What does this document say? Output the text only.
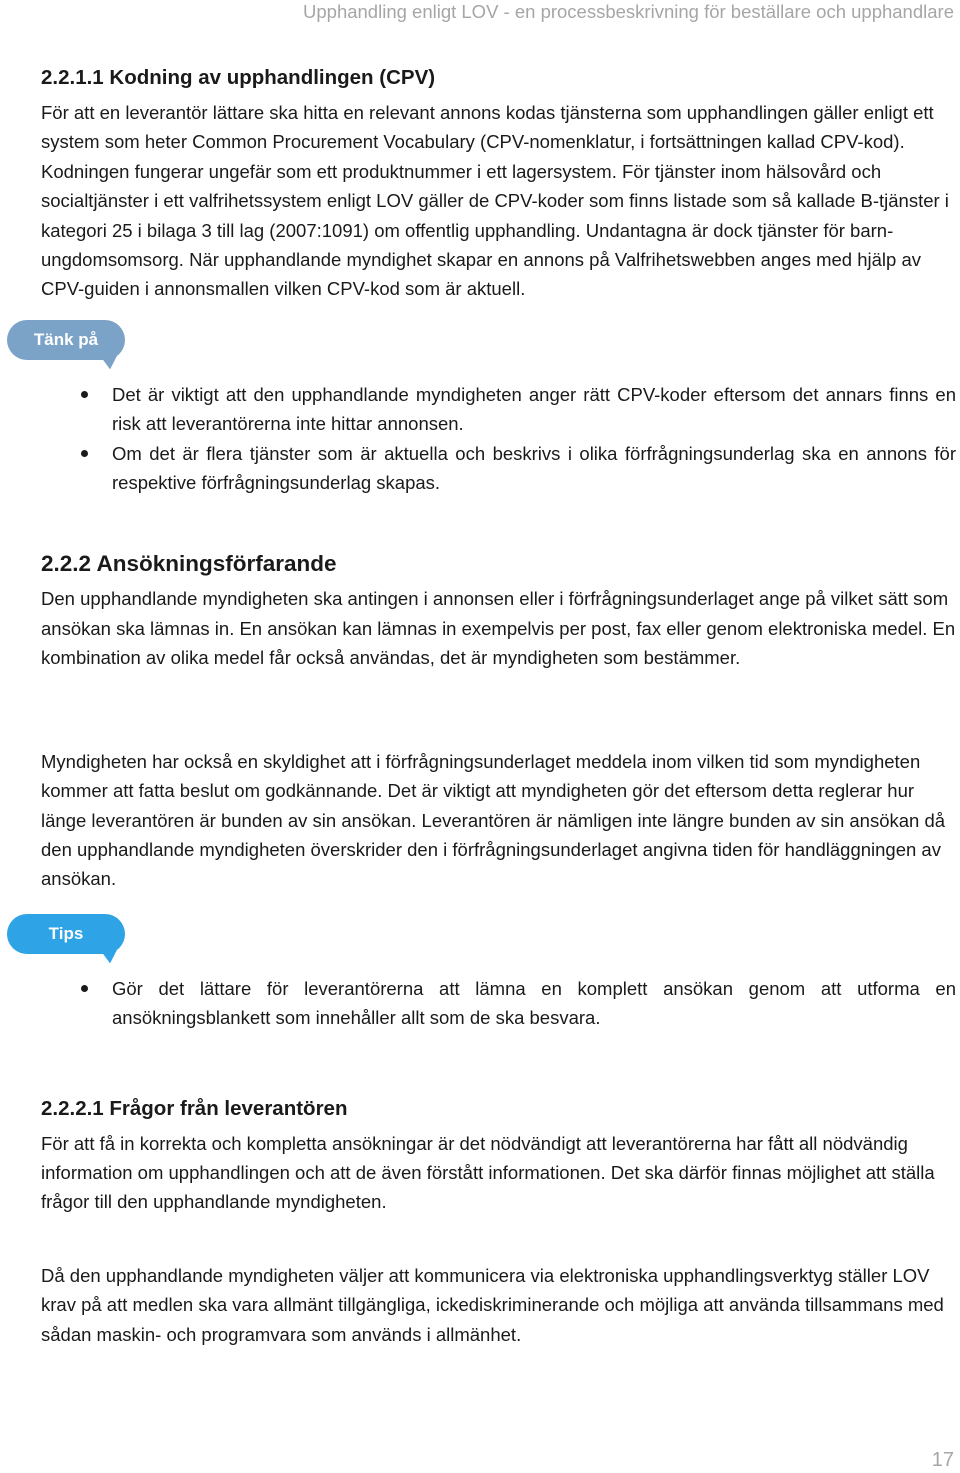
Upphandling enligt LOV - en processbeskrivning för beställare och upphandlare
2.2.1.1 Kodning av upphandlingen (CPV)

För att en leverantör lättare ska hitta en relevant annons kodas tjänsterna som upphandlingen gäller enligt ett system som heter Common Procurement Vocabulary (CPV-nomenklatur, i fortsättningen kallad CPV-kod). Kodningen fungerar ungefär som ett produktnummer i ett lagersystem. För tjänster inom hälsovård och socialtjänster i ett valfrihetssystem enligt LOV gäller de CPV-koder som finns listade som så kallade B-tjänster i kategori 25 i bilaga 3 till lag (2007:1091) om offentlig upphandling. Undantagna är dock tjänster för barn- ungdomsomsorg. När upphandlande myndighet skapar en annons på Valfrihetswebben anges med hjälp av CPV-guiden i annonsmallen vilken CPV-kod som är aktuell.

Tänk på
Det är viktigt att den upphandlande myndigheten anger rätt CPV-koder eftersom det annars finns en risk att leverantörerna inte hittar annonsen.
Om det är flera tjänster som är aktuella och beskrivs i olika förfrågningsunderlag ska en annons för respektive förfrågningsunderlag skapas.
2.2.2 Ansökningsförfarande

Den upphandlande myndigheten ska antingen i annonsen eller i förfrågningsunderlaget ange på vilket sätt som ansökan ska lämnas in. En ansökan kan lämnas in exempelvis per post, fax eller genom elektroniska medel. En kombination av olika medel får också användas, det är myndigheten som bestämmer.

Myndigheten har också en skyldighet att i förfrågningsunderlaget meddela inom vilken tid som myndigheten kommer att fatta beslut om godkännande. Det är viktigt att myndigheten gör det eftersom detta reglerar hur länge leverantören är bunden av sin ansökan. Leverantören är nämligen inte längre bunden av sin ansökan då den upphandlande myndigheten överskrider den i förfrågningsunderlaget angivna tiden för handläggningen av ansökan.

Tips
Gör det lättare för leverantörerna att lämna en komplett ansökan genom att utforma en ansökningsblankett som innehåller allt som de ska besvara.
2.2.2.1 Frågor från leverantören

För att få in korrekta och kompletta ansökningar är det nödvändigt att leverantörerna har fått all nödvändig information om upphandlingen och att de även förstått informationen. Det ska därför finnas möjlighet att ställa frågor till den upphandlande myndigheten.

Då den upphandlande myndigheten väljer att kommunicera via elektroniska upphandlingsverktyg ställer LOV krav på att medlen ska vara allmänt tillgängliga, ickediskriminerande och möjliga att använda tillsammans med sådan maskin- och programvara som används i allmänhet.

17
